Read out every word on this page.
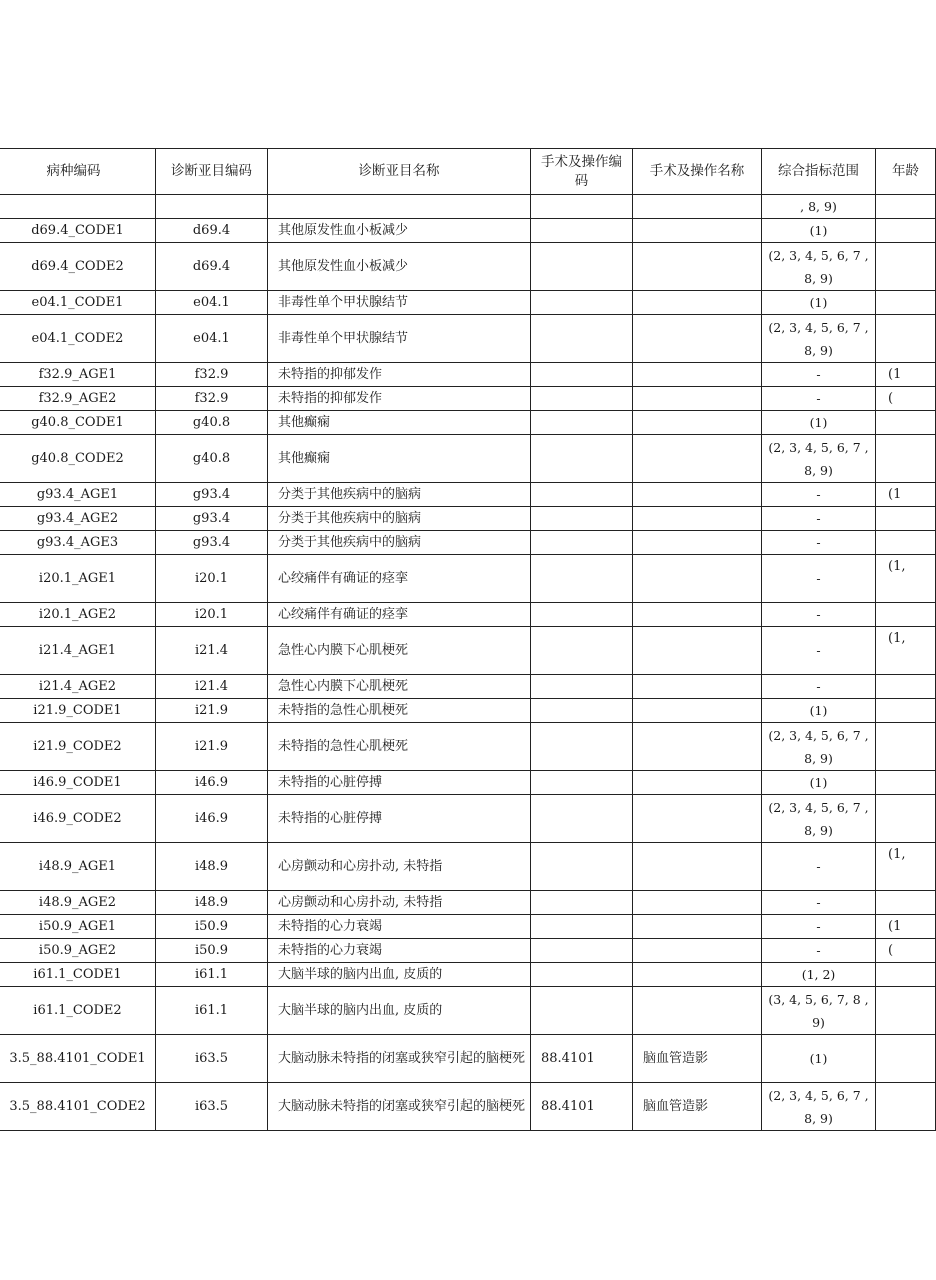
病种编码	诊断亚目编码	诊断亚目名称	手术及操作编码	手术及操作名称	综合指标范围	年龄
					, 8, 9)	
d69.4_CODE1	d69.4	其他原发性血小板减少			(1)	
d69.4_CODE2	d69.4	其他原发性血小板减少			(2, 3, 4, 5, 6, 7 , 8, 9)	
e04.1_CODE1	e04.1	非毒性单个甲状腺结节			(1)	
e04.1_CODE2	e04.1	非毒性单个甲状腺结节			(2, 3, 4, 5, 6, 7 , 8, 9)	
f32.9_AGE1	f32.9	未特指的抑郁发作			-	(1
f32.9_AGE2	f32.9	未特指的抑郁发作			-	(
g40.8_CODE1	g40.8	其他癫痫			(1)	
g40.8_CODE2	g40.8	其他癫痫			(2, 3, 4, 5, 6, 7 , 8, 9)	
g93.4_AGE1	g93.4	分类于其他疾病中的脑病			-	(1
g93.4_AGE2	g93.4	分类于其他疾病中的脑病			-	
g93.4_AGE3	g93.4	分类于其他疾病中的脑病			-	
i20.1_AGE1	i20.1	心绞痛伴有确证的痉挛			-	(1,
i20.1_AGE2	i20.1	心绞痛伴有确证的痉挛			-	
i21.4_AGE1	i21.4	急性心内膜下心肌梗死			-	(1,
i21.4_AGE2	i21.4	急性心内膜下心肌梗死			-	
i21.9_CODE1	i21.9	未特指的急性心肌梗死			(1)	
i21.9_CODE2	i21.9	未特指的急性心肌梗死			(2, 3, 4, 5, 6, 7 , 8, 9)	
i46.9_CODE1	i46.9	未特指的心脏停搏			(1)	
i46.9_CODE2	i46.9	未特指的心脏停搏			(2, 3, 4, 5, 6, 7 , 8, 9)	
i48.9_AGE1	i48.9	心房颤动和心房扑动, 未特指			-	(1,
i48.9_AGE2	i48.9	心房颤动和心房扑动, 未特指			-	
i50.9_AGE1	i50.9	未特指的心力衰竭			-	(1
i50.9_AGE2	i50.9	未特指的心力衰竭			-	(
i61.1_CODE1	i61.1	大脑半球的脑内出血, 皮质的			(1, 2)	
i61.1_CODE2	i61.1	大脑半球的脑内出血, 皮质的			(3, 4, 5, 6, 7, 8 , 9)	
3.5_88.4101_CODE1	i63.5	大脑动脉未特指的闭塞或狭窄引起的脑梗死	88.4101	脑血管造影	(1)	
3.5_88.4101_CODE2	i63.5	大脑动脉未特指的闭塞或狭窄引起的脑梗死	88.4101	脑血管造影	(2, 3, 4, 5, 6, 7 , 8, 9)	
